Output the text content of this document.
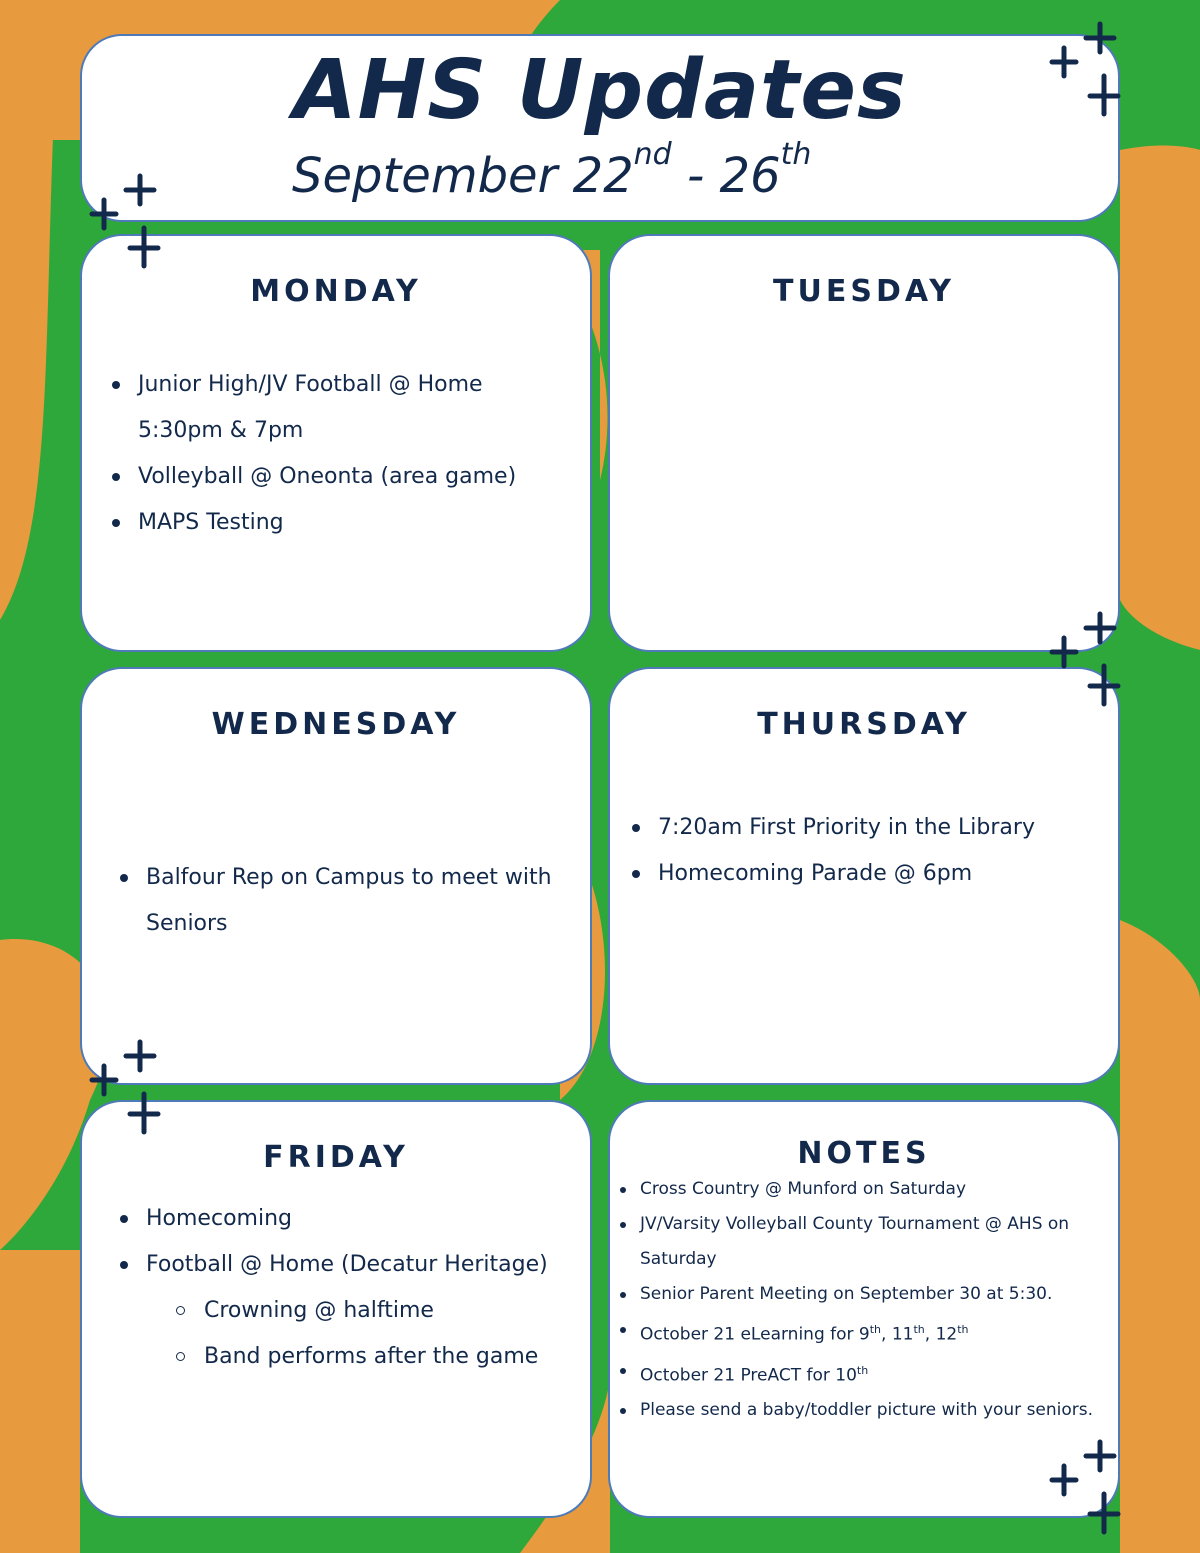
AHS Updates
September 22nd - 26th
MONDAY
Junior High/JV Football @ Home 5:30pm & 7pm
Volleyball @ Oneonta (area game)
MAPS Testing
TUESDAY
WEDNESDAY
Balfour Rep on Campus to meet with Seniors
THURSDAY
7:20am First Priority in the Library
Homecoming Parade @ 6pm
FRIDAY
Homecoming
Football @ Home (Decatur Heritage)
Crowning @ halftime
Band performs after the game
NOTES
Cross Country @ Munford on Saturday
JV/Varsity Volleyball County Tournament @ AHS on Saturday
Senior Parent Meeting on September 30 at 5:30.
October 21 eLearning for 9th, 11th, 12th
October 21 PreACT for 10th
Please send a baby/toddler picture with your seniors.
